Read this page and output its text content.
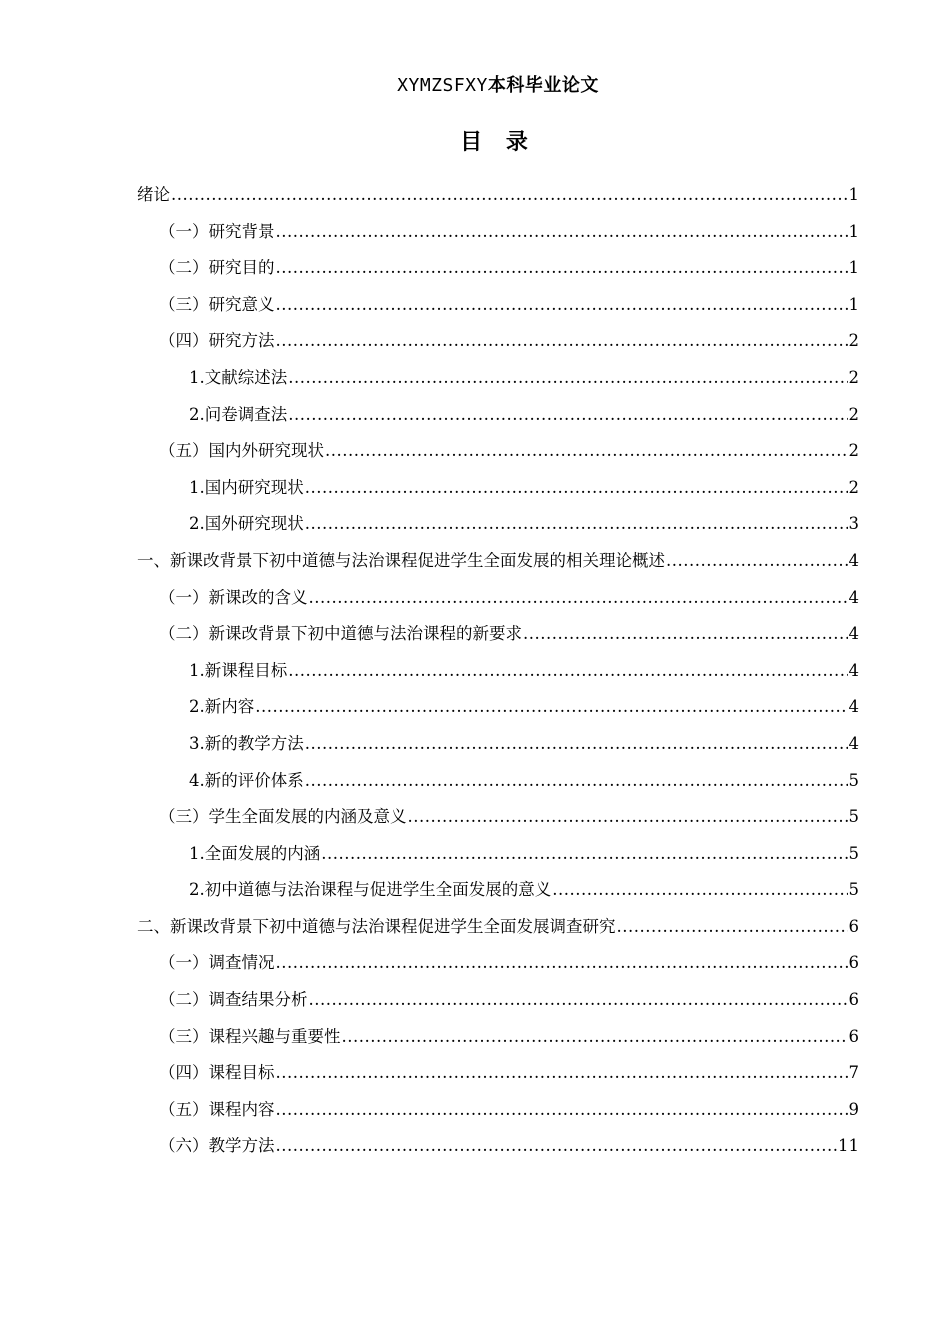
XYMZSFXY本科毕业论文
目 录
绪论 .....	1
（一）研究背景 .....	1
（二）研究目的 .....	1
（三）研究意义 .....	1
（四）研究方法 .....	2
1.文献综述法 .....	2
2.问卷调查法 .....	2
（五）国内外研究现状 .....	2
1.国内研究现状 .....	2
2.国外研究现状 .....	3
一、新课改背景下初中道德与法治课程促进学生全面发展的相关理论概述 .....	4
（一）新课改的含义 .....	4
（二）新课改背景下初中道德与法治课程的新要求 .....	4
1.新课程目标 .....	4
2.新内容 .....	4
3.新的教学方法 .....	4
4.新的评价体系 .....	5
（三）学生全面发展的内涵及意义 .....	5
1.全面发展的内涵 .....	5
2.初中道德与法治课程与促进学生全面发展的意义 .....	5
二、新课改背景下初中道德与法治课程促进学生全面发展调查研究 .....	6
（一）调查情况 .....	6
（二）调查结果分析 .....	6
（三）课程兴趣与重要性 .....	6
（四）课程目标 .....	7
（五）课程内容 .....	9
（六）教学方法 .....	11
